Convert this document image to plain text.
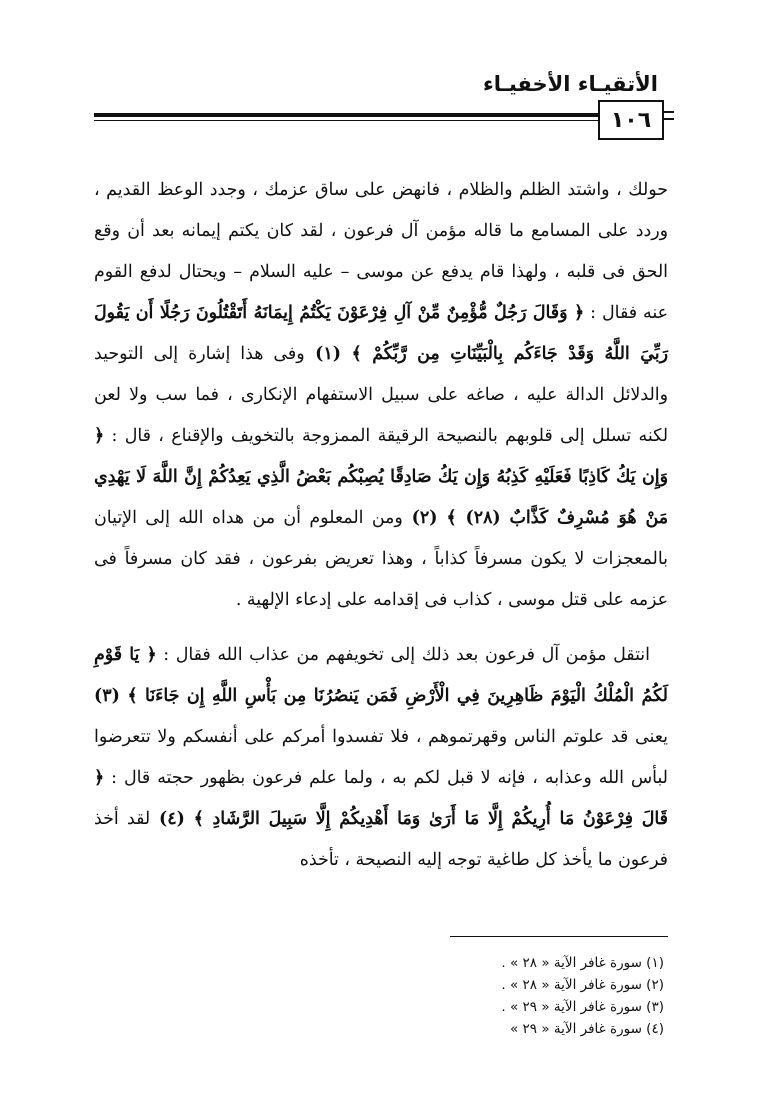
الأتقيـاء الأخفيـاء
١٠٦

حولك ، واشتد الظلم والظلام ، فانهض على ساق عزمك ، وجدد الوعظ القديم ، وردد على المسامع ما قاله مؤمن آل فرعون ، لقد كان يكتم إيمانه بعد أن وقع الحق فى قلبه ، ولهذا قام يدفع عن موسى – عليه السلام – ويحتال لدفع القوم عنه فقال : ﴿ وَقَالَ رَجُلٌ مُّؤْمِنٌ مِّنْ آلِ فِرْعَوْنَ يَكْتُمُ إِيمَانَهُ أَتَقْتُلُونَ رَجُلًا أَن يَقُولَ رَبِّيَ اللَّهُ وَقَدْ جَاءَكُم بِالْبَيِّنَاتِ مِن رَّبِّكُمْ ﴾ (١) وفى هذا إشارة إلى التوحيد والدلائل الدالة عليه ، صاغه على سبيل الاستفهام الإنكارى ، فما سب ولا لعن لكنه تسلل إلى قلوبهم بالنصيحة الرقيقة الممزوجة بالتخويف والإقناع ، قال : ﴿ وَإِن يَكُ كَاذِبًا فَعَلَيْهِ كَذِبُهُ وَإِن يَكُ صَادِقًا يُصِبْكُم بَعْضُ الَّذِي يَعِدُكُمْ إِنَّ اللَّهَ لَا يَهْدِي مَنْ هُوَ مُسْرِفٌ كَذَّابٌ (٢٨) ﴾ (٢) ومن المعلوم أن من هداه الله إلى الإتيان بالمعجزات لا يكون مسرفاً كذاباً ، وهذا تعريض بفرعون ، فقد كان مسرفاً فى عزمه على قتل موسى ، كذاب فى إقدامه على إدعاء الإلهية .

انتقل مؤمن آل فرعون بعد ذلك إلى تخويفهم من عذاب الله فقال : ﴿ يَا قَوْمِ لَكُمُ الْمُلْكُ الْيَوْمَ ظَاهِرِينَ فِي الْأَرْضِ فَمَن يَنصُرُنَا مِن بَأْسِ اللَّهِ إِن جَاءَنَا ﴾ (٣) يعنى قد علوتم الناس وقهرتموهم ، فلا تفسدوا أمركم على أنفسكم ولا تتعرضوا لبأس الله وعذابه ، فإنه لا قبل لكم به ، ولما علم فرعون بظهور حجته قال : ﴿ قَالَ فِرْعَوْنُ مَا أُرِيكُمْ إِلَّا مَا أَرَىٰ وَمَا أَهْدِيكُمْ إِلَّا سَبِيلَ الرَّشَادِ ﴾ (٤) لقد أخذ فرعون ما يأخذ كل طاغية توجه إليه النصيحة ، تأخذه

(١) سورة غافر الآية « ٢٨ » .
(٢) سورة غافر الآية « ٢٨ » .
(٣) سورة غافر الآية « ٢٩ » .
(٤) سورة غافر الآية « ٢٩ »
